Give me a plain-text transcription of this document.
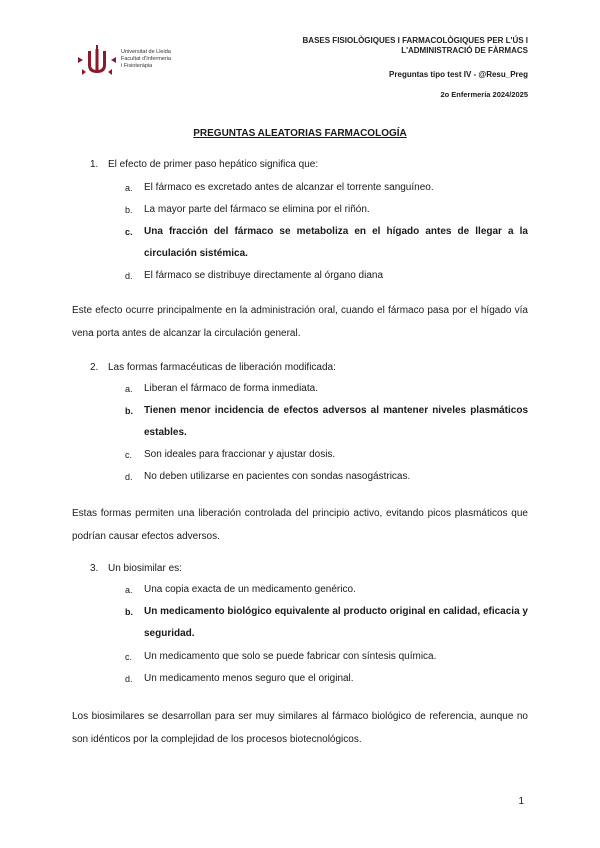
Universitat de Lleida
Facultat d'Infermeria
i Fisioteràpia
BASES FISIOLÒGIQUES I FARMACOLÒGIQUES PER L'ÚS I
L'ADMINISTRACIÓ DE FÀRMACS
Preguntas tipo test IV - @Resu_Preg
2o Enfermería 2024/2025
PREGUNTAS ALEATORIAS FARMACOLOGÍA
1. El efecto de primer paso hepático significa que:
a. El fármaco es excretado antes de alcanzar el torrente sanguíneo.
b. La mayor parte del fármaco se elimina por el riñón.
c. Una fracción del fármaco se metaboliza en el hígado antes de llegar a la circulación sistémica.
d. El fármaco se distribuye directamente al órgano diana
Este efecto ocurre principalmente en la administración oral, cuando el fármaco pasa por el hígado vía vena porta antes de alcanzar la circulación general.
2. Las formas farmacéuticas de liberación modificada:
a. Liberan el fármaco de forma inmediata.
b. Tienen menor incidencia de efectos adversos al mantener niveles plasmáticos estables.
c. Son ideales para fraccionar y ajustar dosis.
d. No deben utilizarse en pacientes con sondas nasogástricas.
Estas formas permiten una liberación controlada del principio activo, evitando picos plasmáticos que podrían causar efectos adversos.
3. Un biosimilar es:
a. Una copia exacta de un medicamento genérico.
b. Un medicamento biológico equivalente al producto original en calidad, eficacia y seguridad.
c. Un medicamento que solo se puede fabricar con síntesis química.
d. Un medicamento menos seguro que el original.
Los biosimilares se desarrollan para ser muy similares al fármaco biológico de referencia, aunque no son idénticos por la complejidad de los procesos biotecnológicos.
1
